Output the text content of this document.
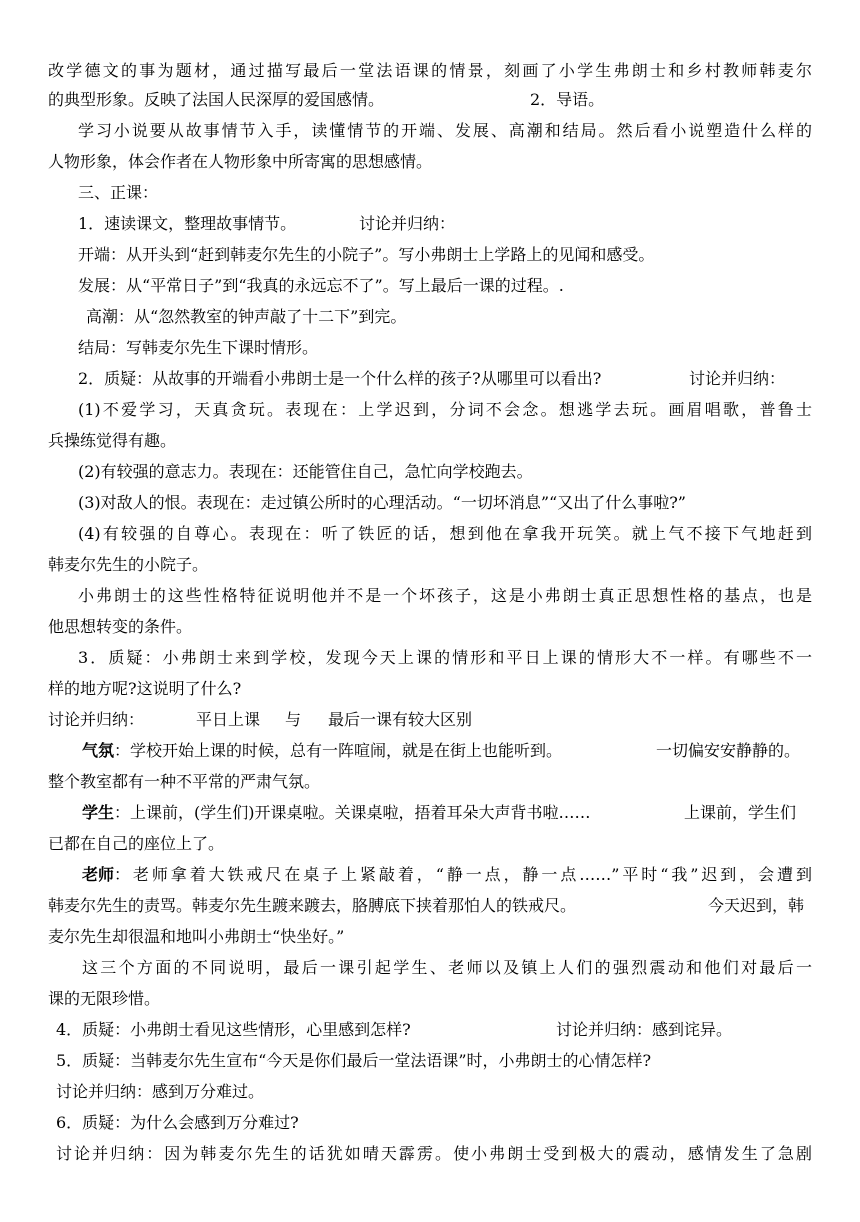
改学德文的事为题材，通过描写最后一堂法语课的情景，刻画了小学生弗朗士和乡村教师韩麦尔
的典型形象。反映了法国人民深厚的爱国感情。	2．导语。
学习小说要从故事情节入手，读懂情节的开端、发展、高潮和结局。然后看小说塑造什么样的
人物形象，体会作者在人物形象中所寄寓的思想感情。
三、正课：
1．速读课文，整理故事情节。	讨论并归纳：
开端：从开头到“赶到韩麦尔先生的小院子”。写小弗朗士上学路上的见闻和感受。
发展：从“平常日子”到“我真的永远忘不了”。写上最后一课的过程。.
高潮：从“忽然教室的钟声敲了十二下”到完。
结局：写韩麦尔先生下课时情形。
2．质疑：从故事的开端看小弗朗士是一个什么样的孩子?从哪里可以看出?	讨论并归纳：
(1)不爱学习，天真贪玩。表现在：上学迟到，分词不会念。想逃学去玩。画眉唱歌，普鲁士
兵操练觉得有趣。
(2)有较强的意志力。表现在：还能管住自己，急忙向学校跑去。
(3)对敌人的恨。表现在：走过镇公所时的心理活动。“一切坏消息”“又出了什么事啦?”
(4)有较强的自尊心。表现在：听了铁匠的话，想到他在拿我开玩笑。就上气不接下气地赶到
韩麦尔先生的小院子。
小弗朗士的这些性格特征说明他并不是一个坏孩子，这是小弗朗士真正思想性格的基点，也是
他思想转变的条件。
3．质疑：小弗朗士来到学校，发现今天上课的情形和平日上课的情形大不一样。有哪些不一
样的地方呢?这说明了什么?
讨论并归纳：	平日上课	与	最后一课有较大区别
气氛 ：学校开始上课的时候，总有一阵喧闹，就是在街上也能听到。	一切偏安安静静的。
整个教室都有一种不平常的严肃气氛。
学生 ：上课前，(学生们)开课桌啦。关课桌啦，捂着耳朵大声背书啦……	上课前，学生们
已都在自己的座位上了。
老师 ：老师拿着大铁戒尺在桌子上紧敲着，“静一点，静一点……”平时“我”迟到，会遭到
韩麦尔先生的责骂。韩麦尔先生踱来踱去，胳膊底下挟着那怕人的铁戒尺。	今天迟到，韩
麦尔先生却很温和地叫小弗朗士“快坐好。”
这三个方面的不同说明，最后一课引起学生、老师以及镇上人们的强烈震动和他们对最后一
课的无限珍惜。
4．质疑：小弗朗士看见这些情形，心里感到怎样?	讨论并归纳：感到诧异。
5．质疑：当韩麦尔先生宣布“今天是你们最后一堂法语课”时，小弗朗士的心情怎样?
讨论并归纳：感到万分难过。
6．质疑：为什么会感到万分难过?
讨论并归纳：因为韩麦尔先生的话犹如晴天霹雳。使小弗朗士受到极大的震动，感情发生了急剧
